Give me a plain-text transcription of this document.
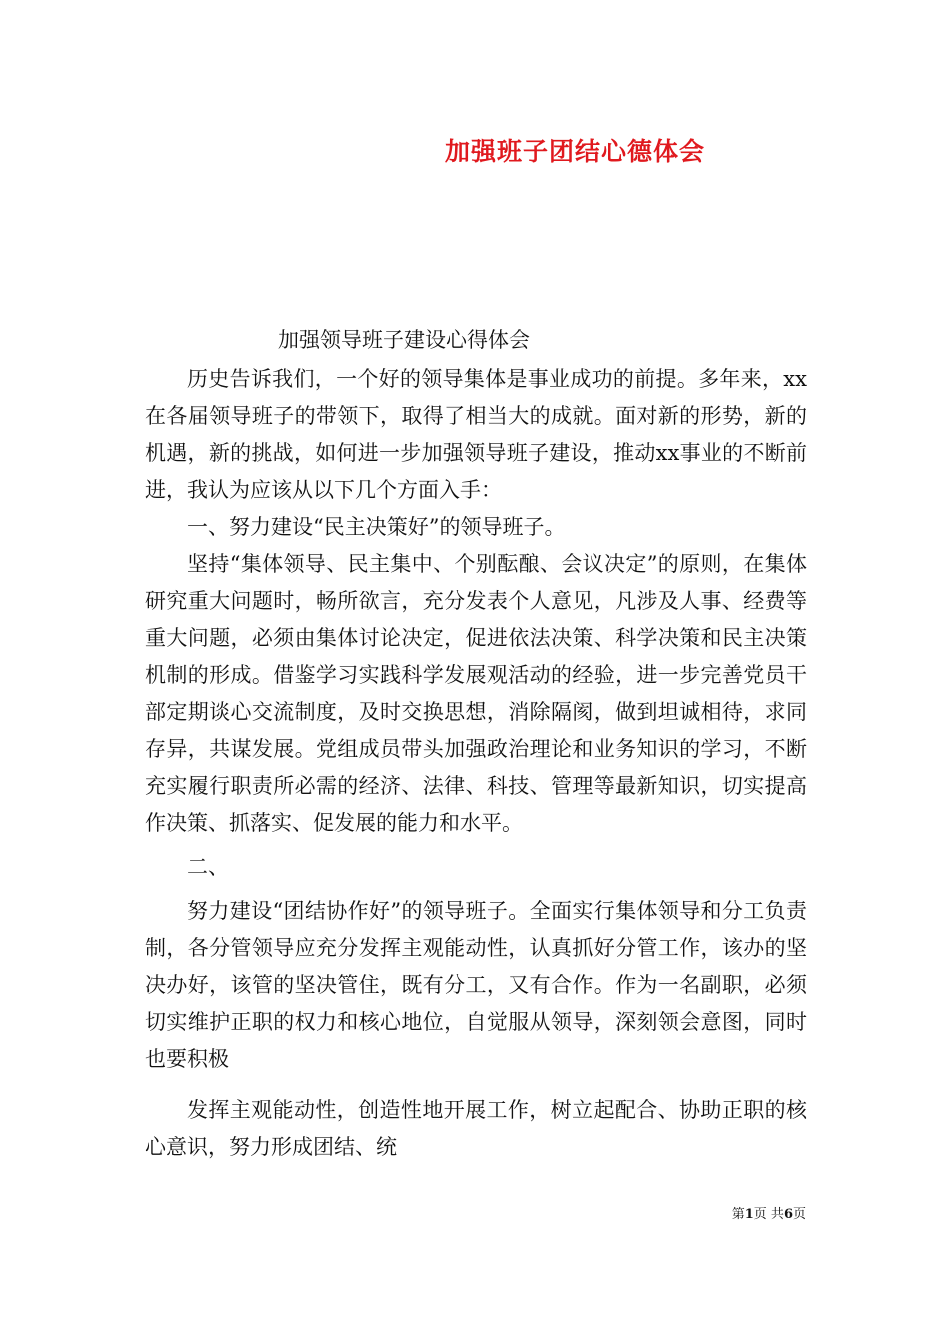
加强班子团结心德体会

加强领导班子建设心得体会

历史告诉我们，一个好的领导集体是事业成功的前提。多年来，xx在各届领导班子的带领下，取得了相当大的成就。面对新的形势，新的机遇，新的挑战，如何进一步加强领导班子建设，推动xx事业的不断前进，我认为应该从以下几个方面入手：

一、努力建设“民主决策好”的领导班子。

坚持“集体领导、民主集中、个别酝酿、会议决定”的原则，在集体研究重大问题时，畅所欲言，充分发表个人意见，凡涉及人事、经费等重大问题，必须由集体讨论决定，促进依法决策、科学决策和民主决策机制的形成。借鉴学习实践科学发展观活动的经验，进一步完善党员干部定期谈心交流制度，及时交换思想，消除隔阂，做到坦诚相待，求同存异，共谋发展。党组成员带头加强政治理论和业务知识的学习，不断充实履行职责所必需的经济、法律、科技、管理等最新知识，切实提高作决策、抓落实、促发展的能力和水平。

二、

努力建设“团结协作好”的领导班子。全面实行集体领导和分工负责制，各分管领导应充分发挥主观能动性，认真抓好分管工作，该办的坚决办好，该管的坚决管住，既有分工，又有合作。作为一名副职，必须切实维护正职的权力和核心地位，自觉服从领导，深刻领会意图，同时也要积极

发挥主观能动性，创造性地开展工作，树立起配合、协助正职的核心意识，努力形成团结、统

第1页 共6页
